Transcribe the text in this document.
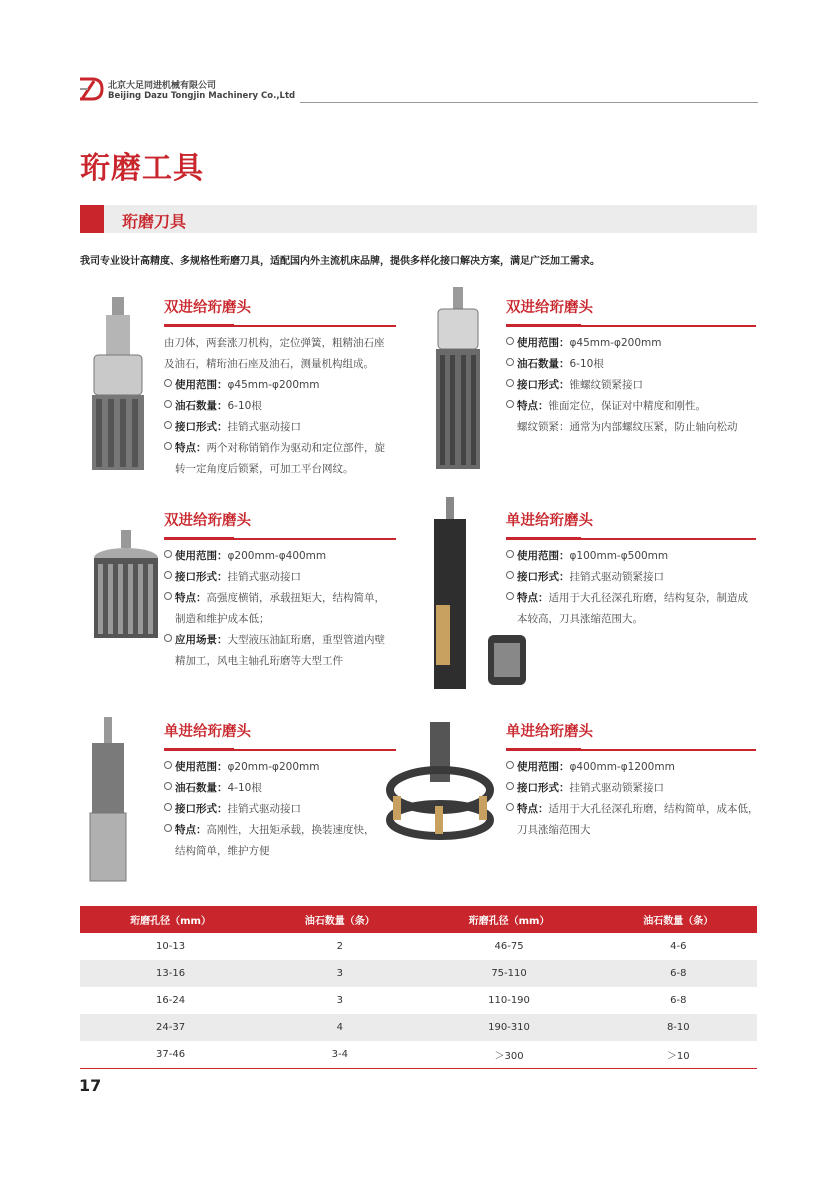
北京大足同进机械有限公司
Beijing Dazu Tongjin Machinery Co.,Ltd
珩磨工具
珩磨刀具
我司专业设计高精度、多规格性珩磨刀具，适配国内外主流机床品牌，提供多样化接口解决方案，满足广泛加工需求。
双进给珩磨头
由刀体，两套涨刀机构，定位弹簧，粗精油石座
及油石，精珩油石座及油石，测量机构组成。
使用范围：φ45mm-φ200mm
油石数量：6-10根
接口形式：挂销式驱动接口
特点：两个对称销销作为驱动和定位部件，旋
转一定角度后锁紧，可加工平台网纹。
双进给珩磨头
使用范围：φ45mm-φ200mm
油石数量：6-10根
接口形式：锥螺纹锁紧接口
特点：锥面定位，保证对中精度和刚性。
螺纹锁紧：通常为内部螺纹压紧，防止轴向松动
双进给珩磨头
使用范围：φ200mm-φ400mm
接口形式：挂销式驱动接口
特点：高强度横销，承载扭矩大，结构简单，
制造和维护成本低；
应用场景：大型液压油缸珩磨，重型管道内壁
精加工，风电主轴孔珩磨等大型工件
单进给珩磨头
使用范围：φ100mm-φ500mm
接口形式：挂销式驱动锁紧接口
特点：适用于大孔径深孔珩磨，结构复杂，制造成
本较高，刀具涨缩范围大。
单进给珩磨头
使用范围：φ20mm-φ200mm
油石数量：4-10根
接口形式：挂销式驱动接口
特点：高刚性，大扭矩承载，换装速度快，
结构简单，维护方便
单进给珩磨头
使用范围：φ400mm-φ1200mm
接口形式：挂销式驱动锁紧接口
特点：适用于大孔径深孔珩磨，结构简单，成本低，
刀具涨缩范围大
珩磨孔径（mm）	油石数量（条）	珩磨孔径（mm）	油石数量（条）
10-13	2	46-75	4-6
13-16	3	75-110	6-8
16-24	3	110-190	6-8
24-37	4	190-310	8-10
37-46	3-4	＞300	＞10
17
